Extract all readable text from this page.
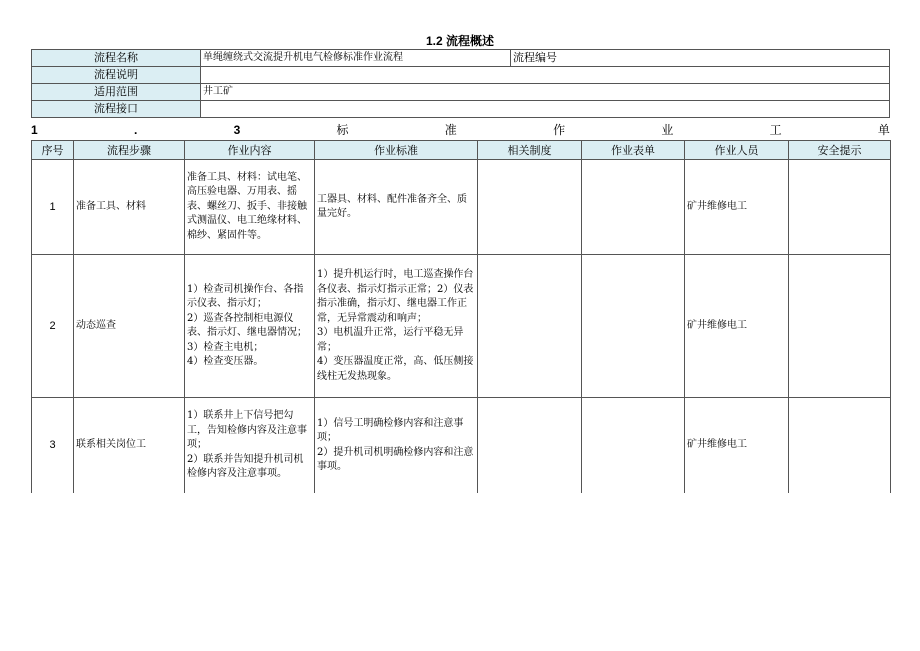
1.2 流程概述
流程名称	单绳缠绕式交流提升机电气检修标准作业流程	流程编号
流程说明		
适用范围	井工矿	
流程接口		
1	.	3	标	准	作	业	工	单
序号	流程步骤	作业内容	作业标准	相关制度	作业表单	作业人员	安全提示
1	准备工具、材料	准备工具、材料：试电笔、高压验电器、万用表、摇表、螺丝刀、扳手、非接触式测温仪、电工绝缘材料、棉纱、紧固件等。	工器具、材料、配件准备齐全、质量完好。			矿井维修电工	
2	动态巡查	1）检查司机操作台、各指示仪表、指示灯；
2）巡查各控制柜电源仪表、指示灯、继电器情况；
3）检查主电机；
4）检查变压器。	1）提升机运行时，电工巡查操作台各仪表、指示灯指示正常；2）仪表指示准确，指示灯、继电器工作正常，无异常震动和响声；
3）电机温升正常，运行平稳无异常；
4）变压器温度正常，高、低压侧接线柱无发热现象。			矿井维修电工	
3	联系相关岗位工	1）联系井上下信号把勾工，告知检修内容及注意事项；
2）联系并告知提升机司机检修内容及注意事项。	1）信号工明确检修内容和注意事项；
2）提升机司机明确检修内容和注意事项。			矿井维修电工	
